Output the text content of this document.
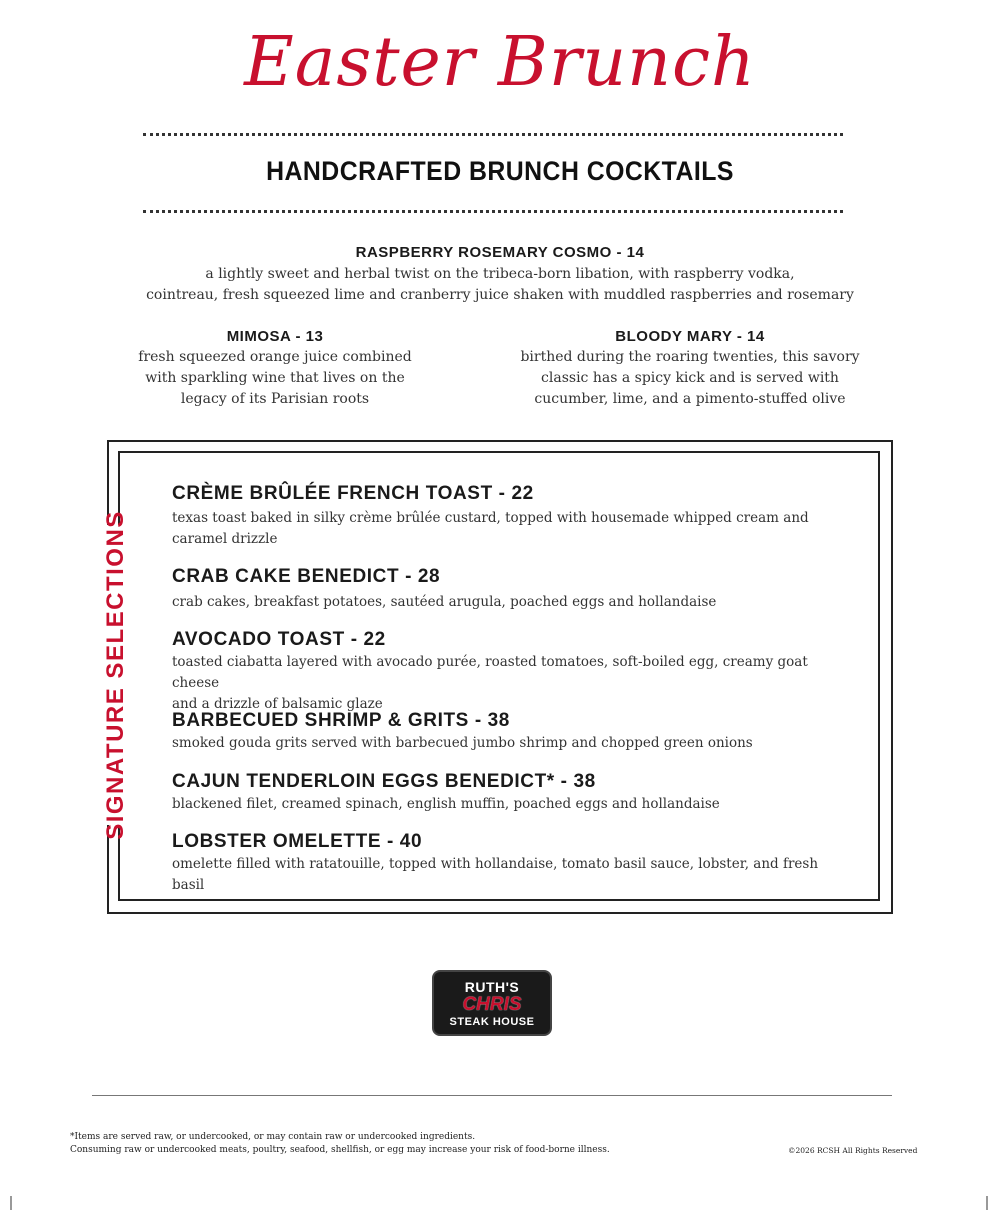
Easter Brunch
HANDCRAFTED BRUNCH COCKTAILS
RASPBERRY ROSEMARY COSMO - 14
a lightly sweet and herbal twist on the tribeca-born libation, with raspberry vodka,
cointreau, fresh squeezed lime and cranberry juice shaken with muddled raspberries and rosemary
MIMOSA - 13
fresh squeezed orange juice combined
with sparkling wine that lives on the
legacy of its Parisian roots
BLOODY MARY - 14
birthed during the roaring twenties, this savory
classic has a spicy kick and is served with
cucumber, lime, and a pimento-stuffed olive
SIGNATURE SELECTIONS
CRÈME BRÛLÉE FRENCH TOAST - 22
texas toast baked in silky crème brûlée custard, topped with housemade whipped cream and
caramel drizzle
CRAB CAKE BENEDICT - 28
crab cakes, breakfast potatoes, sautéed arugula, poached eggs and hollandaise
AVOCADO TOAST - 22
toasted ciabatta layered with avocado purée, roasted tomatoes, soft-boiled egg, creamy goat cheese
and a drizzle of balsamic glaze
BARBECUED SHRIMP & GRITS - 38
smoked gouda grits served with barbecued jumbo shrimp and chopped green onions
CAJUN TENDERLOIN EGGS BENEDICT* - 38
blackened filet, creamed spinach, english muffin, poached eggs and hollandaise
LOBSTER OMELETTE - 40
omelette filled with ratatouille, topped with hollandaise, tomato basil sauce, lobster, and fresh basil
RUTH'S
CHRIS
STEAK HOUSE
*Items are served raw, or undercooked, or may contain raw or undercooked ingredients.
Consuming raw or undercooked meats, poultry, seafood, shellfish, or egg may increase your risk of food-borne illness.	©2026 RCSH All Rights Reserved
